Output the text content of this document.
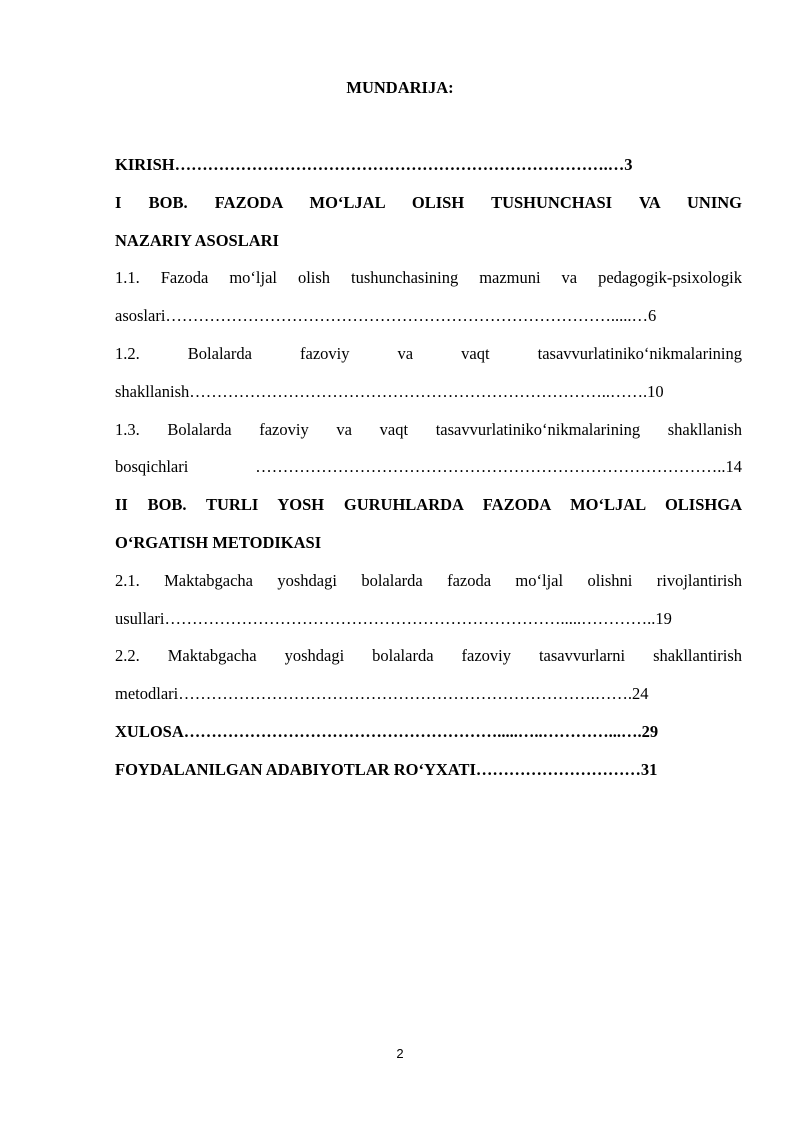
MUNDARIJA:

KIRISH…………………………………………………………………….…3

I BOB. FAZODA MO‘LJAL OLISH TUSHUNCHASI VA UNING

NAZARIY ASOSLARI

1.1. Fazoda mo‘ljal olish tushunchasining mazmuni va pedagogik-psixologik

asoslari……………………………………………………………………….....…6

1.2. Bolalarda fazoviy va vaqt tasavvurlatiniko‘nikmalarining

shakllanish…………………………………………………………………..…….10

1.3. Bolalarda fazoviy va vaqt tasavvurlatiniko‘nikmalarining shakllanish

bosqichlari …………………………………………………………………………..14

II BOB. TURLI YOSH GURUHLARDA FAZODA MO‘LJAL OLISHGA

O‘RGATISH METODIKASI

2.1. Maktabgacha yoshdagi bolalarda fazoda mo‘ljal olishni rivojlantirish

usullari……………………………………………………………….....…………..19

2.2. Maktabgacha yoshdagi bolalarda fazoviy tasavvurlarni shakllantirish

metodlari………………………………………………………………….…….24

XULOSA………………………………………………….....…..…………...….29

FOYDALANILGAN ADABIYOTLAR RO‘YXATI…………………………31

2
